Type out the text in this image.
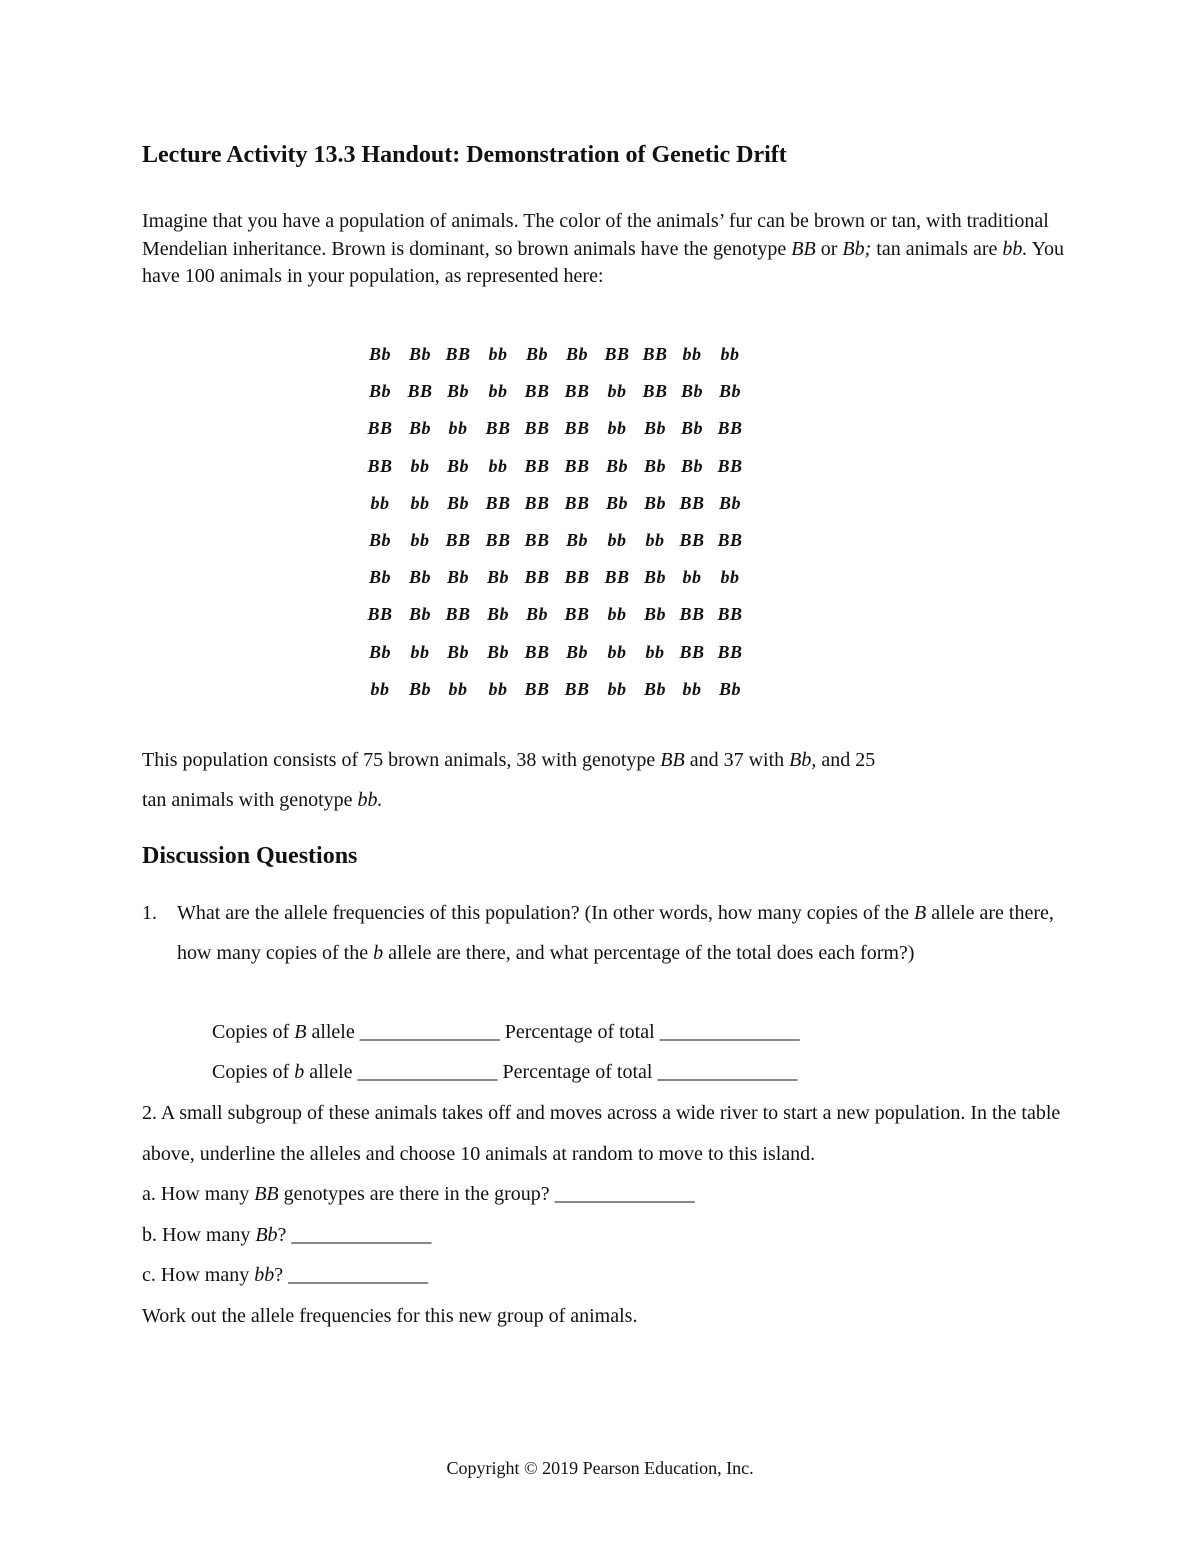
Lecture Activity 13.3 Handout: Demonstration of Genetic Drift

Imagine that you have a population of animals. The color of the animals’ fur can be brown or tan, with traditional Mendelian inheritance. Brown is dominant, so brown animals have the genotype BB or Bb; tan animals are bb. You have 100 animals in your population, as represented here:

Bb Bb BB	bb	Bb Bb BB BB bb	bb
Bb BB Bb	bb BB BB	bb BB Bb Bb
BB Bb bb BB BB BB	bb Bb Bb BB
BB	bb Bb	bb BB BB Bb Bb Bb BB
bb	bb Bb BB BB BB Bb Bb BB Bb
Bb	bb BB BB BB Bb	bb	bb BB BB
Bb Bb Bb Bb BB BB BB Bb bb	bb
BB Bb BB Bb Bb BB	bb Bb BB BB
Bb	bb Bb Bb BB Bb	bb	bb BB BB
bb	Bb bb	bb BB BB	bb Bb bb Bb

This population consists of 75 brown animals, 38 with genotype BB and 37 with Bb, and 25

tan animals with genotype bb.

Discussion Questions
1. What are the allele frequencies of this population? (In other words, how many copies of the B allele are there, how many copies of the b allele are there, and what percentage of the total does each form?)
Copies of B allele ______________ Percentage of total ______________
Copies of b allele ______________ Percentage of total ______________

2. A small subgroup of these animals takes off and moves across a wide river to start a new population. In the table above, underline the alleles and choose 10 animals at random to move to this island.

a. How many BB genotypes are there in the group? ______________

b. How many Bb? ______________

c. How many bb? ______________

Work out the allele frequencies for this new group of animals.

Copyright © 2019 Pearson Education, Inc.
